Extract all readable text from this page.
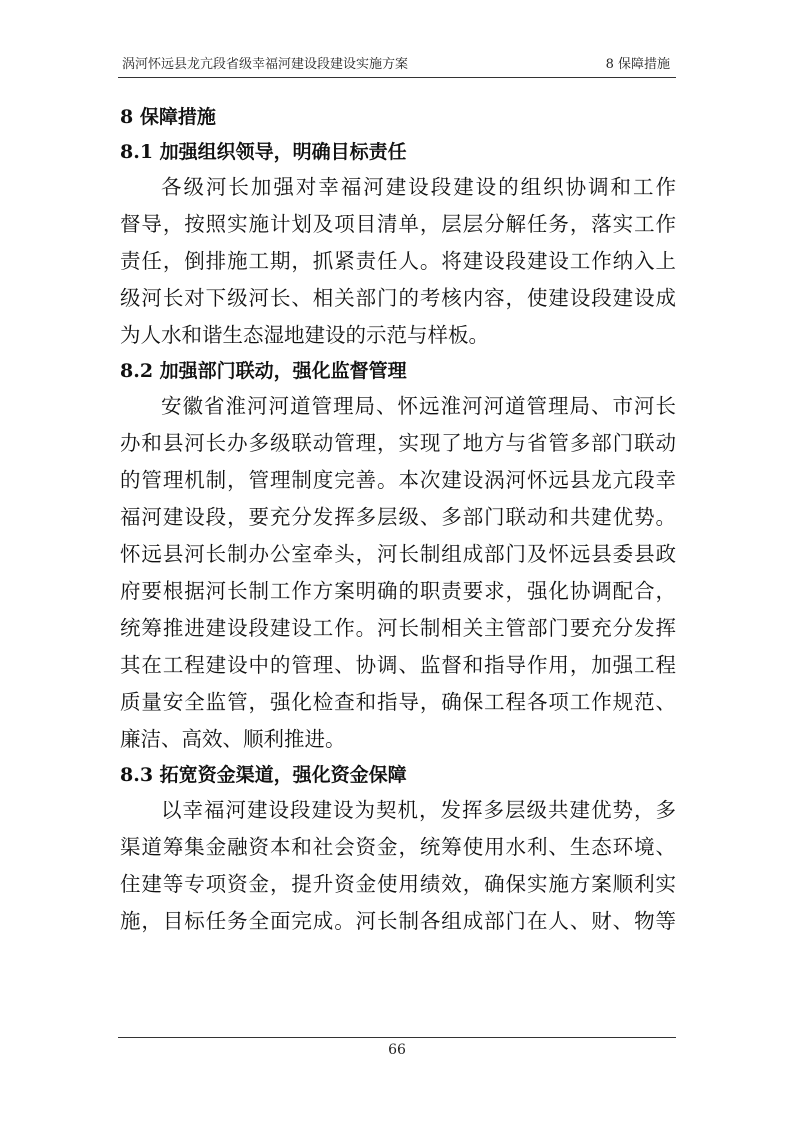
涡河怀远县龙亢段省级幸福河建设段建设实施方案	8 保障措施
8 保障措施
8.1 加强组织领导，明确目标责任
各级河长加强对幸福河建设段建设的组织协调和工作
督导，按照实施计划及项目清单，层层分解任务，落实工作
责任，倒排施工期，抓紧责任人。将建设段建设工作纳入上
级河长对下级河长、相关部门的考核内容，使建设段建设成
为人水和谐生态湿地建设的示范与样板。
8.2 加强部门联动，强化监督管理
安徽省淮河河道管理局、怀远淮河河道管理局、市河长
办和县河长办多级联动管理，实现了地方与省管多部门联动
的管理机制，管理制度完善。本次建设涡河怀远县龙亢段幸
福河建设段，要充分发挥多层级、多部门联动和共建优势。
怀远县河长制办公室牵头，河长制组成部门及怀远县委县政
府要根据河长制工作方案明确的职责要求，强化协调配合，
统筹推进建设段建设工作。河长制相关主管部门要充分发挥
其在工程建设中的管理、协调、监督和指导作用，加强工程
质量安全监管，强化检查和指导，确保工程各项工作规范、
廉洁、高效、顺利推进。
8.3 拓宽资金渠道，强化资金保障
以幸福河建设段建设为契机，发挥多层级共建优势，多
渠道筹集金融资本和社会资金，统筹使用水利、生态环境、
住建等专项资金，提升资金使用绩效，确保实施方案顺利实
施，目标任务全面完成。河长制各组成部门在人、财、物等
66
